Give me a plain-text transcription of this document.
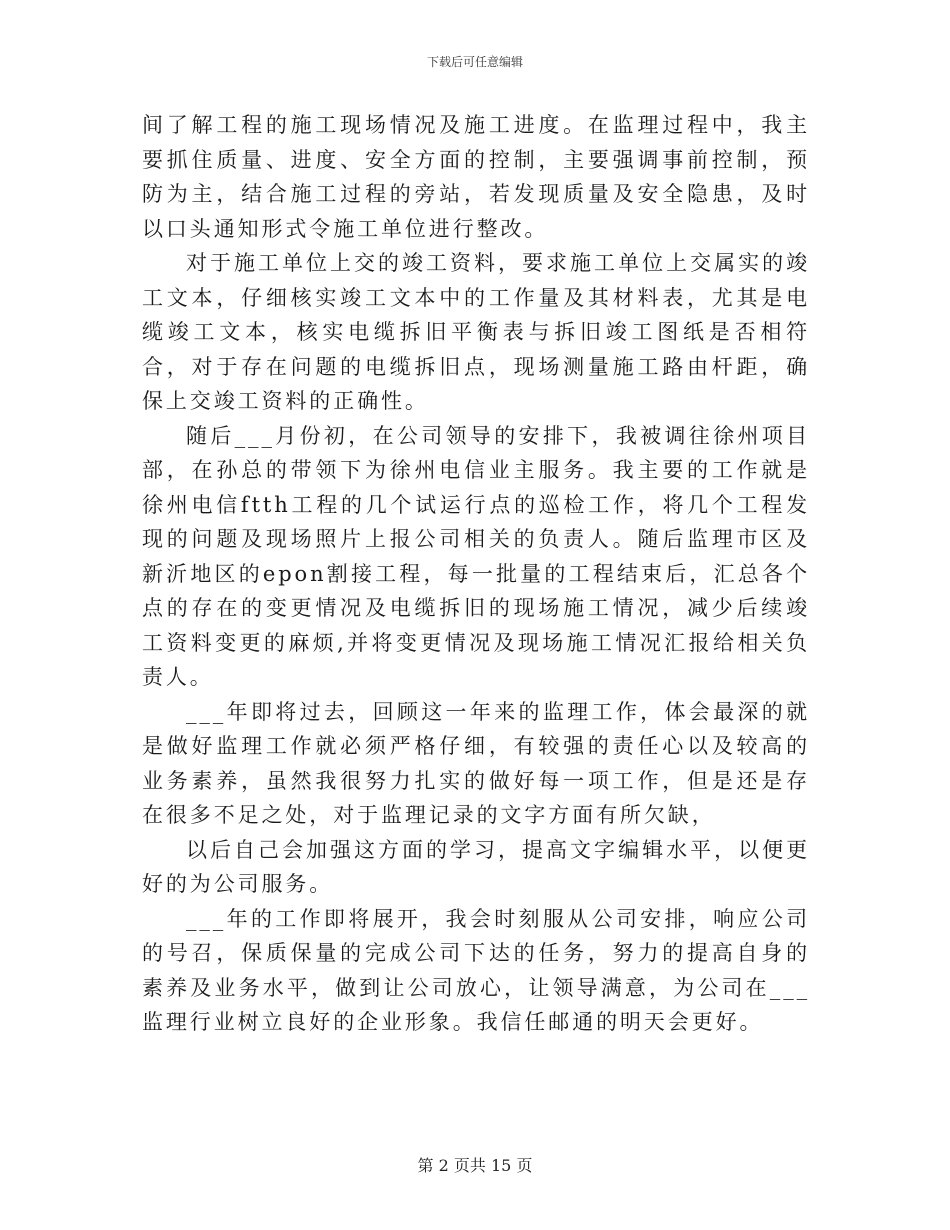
下载后可任意编辑

间了解工程的施工现场情况及施工进度。在监理过程中，我主要抓住质量、进度、安全方面的控制，主要强调事前控制，预防为主，结合施工过程的旁站，若发现质量及安全隐患，及时以口头通知形式令施工单位进行整改。

对于施工单位上交的竣工资料，要求施工单位上交属实的竣工文本，仔细核实竣工文本中的工作量及其材料表，尤其是电缆竣工文本，核实电缆拆旧平衡表与拆旧竣工图纸是否相符合，对于存在问题的电缆拆旧点，现场测量施工路由杆距，确保上交竣工资料的正确性。

随后___月份初，在公司领导的安排下，我被调往徐州项目部，在孙总的带领下为徐州电信业主服务。我主要的工作就是徐州电信ftth工程的几个试运行点的巡检工作，将几个工程发现的问题及现场照片上报公司相关的负责人。随后监理市区及新沂地区的epon割接工程，每一批量的工程结束后，汇总各个点的存在的变更情况及电缆拆旧的现场施工情况，减少后续竣工资料变更的麻烦,并将变更情况及现场施工情况汇报给相关负责人。

___年即将过去，回顾这一年来的监理工作，体会最深的就是做好监理工作就必须严格仔细，有较强的责任心以及较高的业务素养，虽然我很努力扎实的做好每一项工作，但是还是存在很多不足之处，对于监理记录的文字方面有所欠缺，

以后自己会加强这方面的学习，提高文字编辑水平，以便更好的为公司服务。

___年的工作即将展开，我会时刻服从公司安排，响应公司的号召，保质保量的完成公司下达的任务，努力的提高自身的素养及业务水平，做到让公司放心，让领导满意，为公司在___监理行业树立良好的企业形象。我信任邮通的明天会更好。

第 2 页共 15 页
